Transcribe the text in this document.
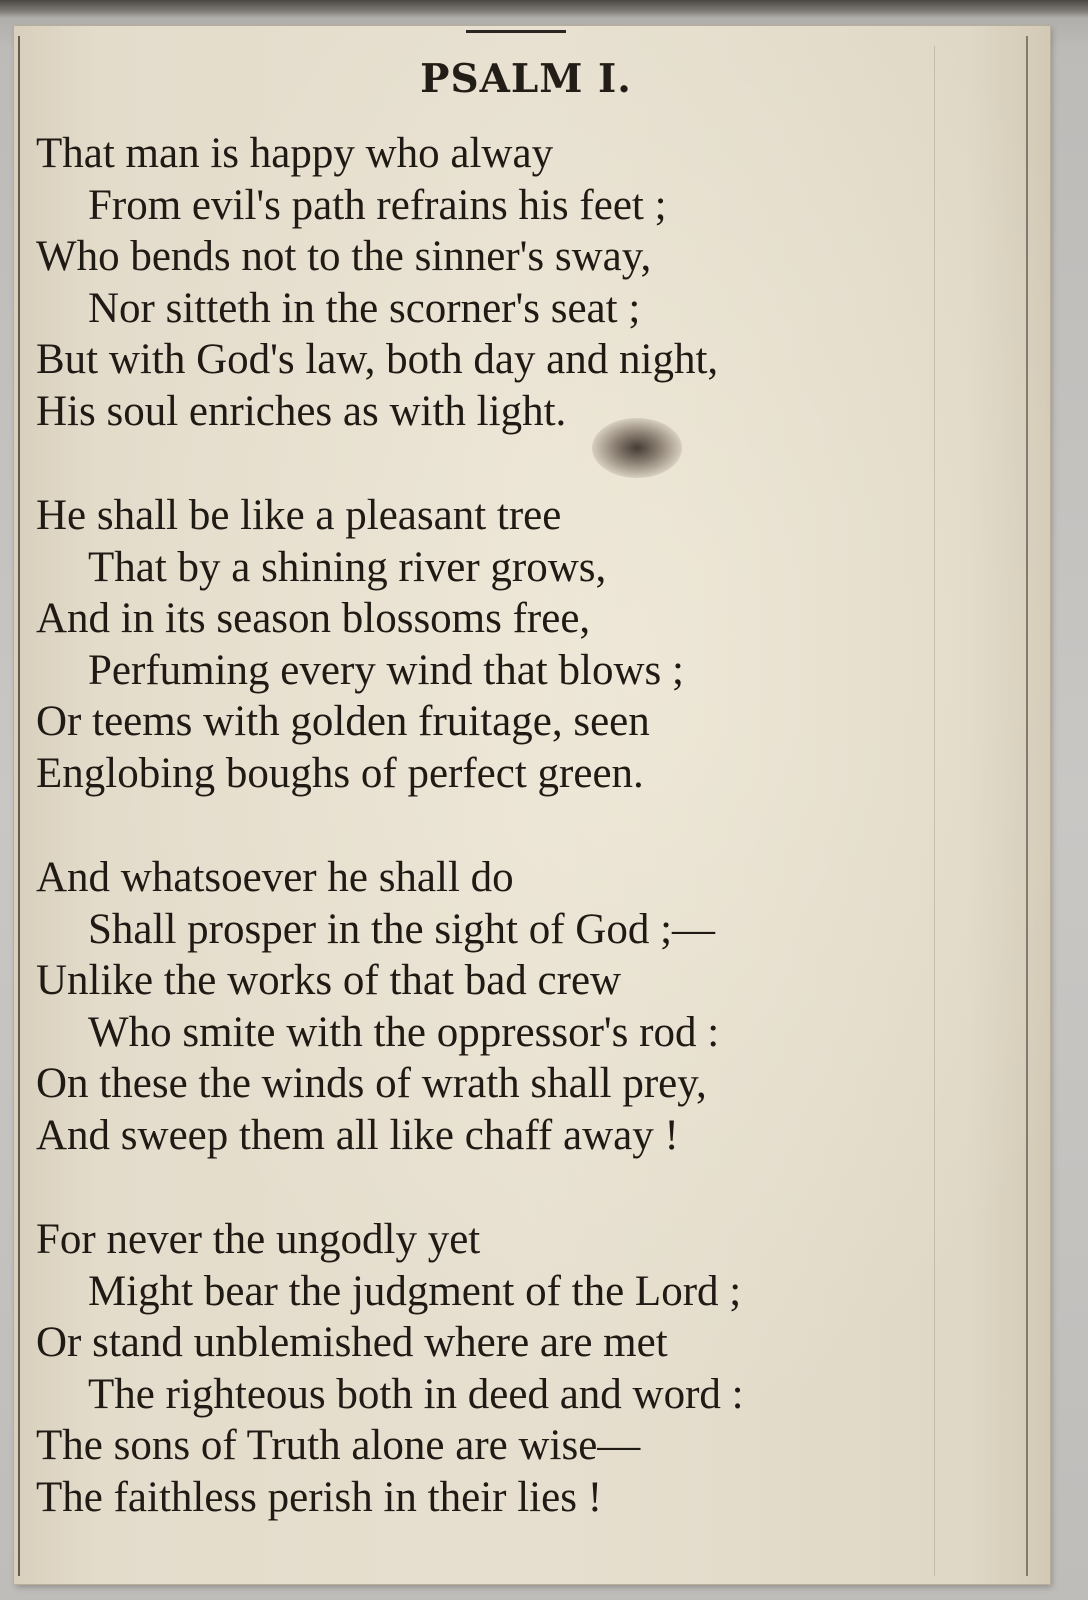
PSALM I.
That man is happy who alway
From evil's path refrains his feet ;
Who bends not to the sinner's sway,
Nor sitteth in the scorner's seat ;
But with God's law, both day and night,
His soul enriches as with light.
He shall be like a pleasant tree
That by a shining river grows,
And in its season blossoms free,
Perfuming every wind that blows ;
Or teems with golden fruitage, seen
Englobing boughs of perfect green.
And whatsoever he shall do
Shall prosper in the sight of God ;—
Unlike the works of that bad crew
Who smite with the oppressor's rod :
On these the winds of wrath shall prey,
And sweep them all like chaff away !
For never the ungodly yet
Might bear the judgment of the Lord ;
Or stand unblemished where are met
The righteous both in deed and word :
The sons of Truth alone are wise—
The faithless perish in their lies !
